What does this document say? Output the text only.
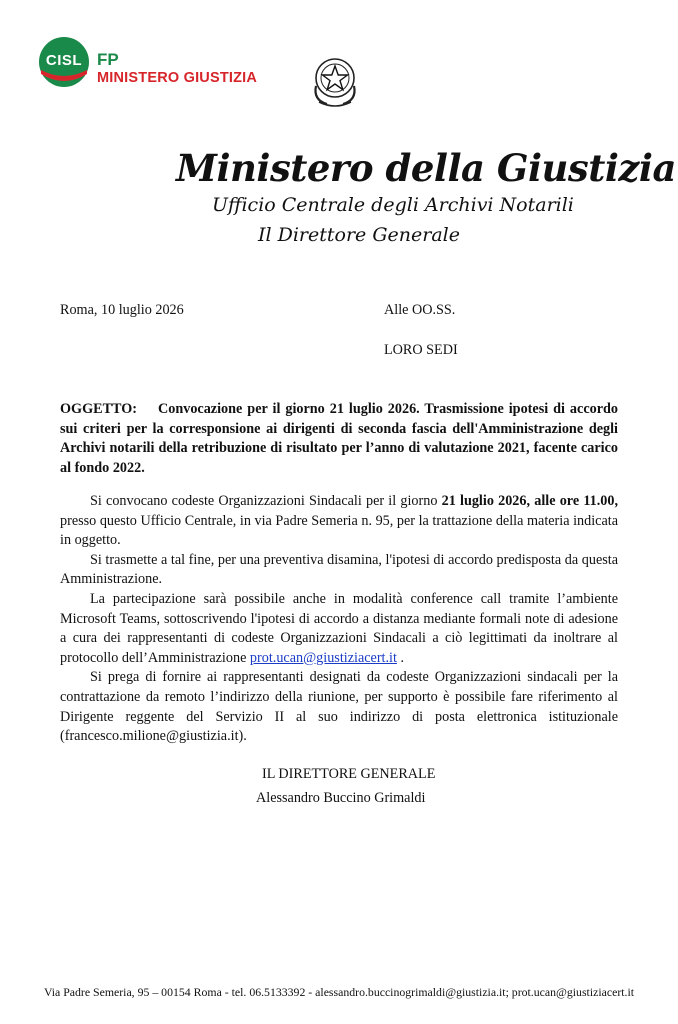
CISL FP
MINISTERO GIUSTIZIA
Ministero della Giustizia
Ufficio Centrale degli Archivi Notarili
Il Direttore Generale
Roma, 10 luglio 2026	Alle OO.SS.
LORO SEDI
OGGETTO: Convocazione per il giorno 21 luglio 2026. Trasmissione ipotesi di accordo sui criteri per la corresponsione ai dirigenti di seconda fascia dell'Amministrazione degli Archivi notarili della retribuzione di risultato per l’anno di valutazione 2021, facente carico al fondo 2022.

Si convocano codeste Organizzazioni Sindacali per il giorno 21 luglio 2026, alle ore 11.00, presso questo Ufficio Centrale, in via Padre Semeria n. 95, per la trattazione della materia indicata in oggetto.

Si trasmette a tal fine, per una preventiva disamina, l'ipotesi di accordo predisposta da questa Amministrazione.

La partecipazione sarà possibile anche in modalità conference call tramite l’ambiente Microsoft Teams, sottoscrivendo l'ipotesi di accordo a distanza mediante formali note di adesione a cura dei rappresentanti di codeste Organizzazioni Sindacali a ciò legittimati da inoltrare al protocollo dell’Amministrazione prot.ucan@giustiziacert.it .

Si prega di fornire ai rappresentanti designati da codeste Organizzazioni sindacali per la contrattazione da remoto l’indirizzo della riunione, per supporto è possibile fare riferimento al Dirigente reggente del Servizio II al suo indirizzo di posta elettronica istituzionale (francesco.milione@giustizia.it).

IL DIRETTORE GENERALE
Alessandro Buccino Grimaldi
Via Padre Semeria, 95 – 00154 Roma - tel. 06.5133392 - alessandro.buccinogrimaldi@giustizia.it; prot.ucan@giustiziacert.it
